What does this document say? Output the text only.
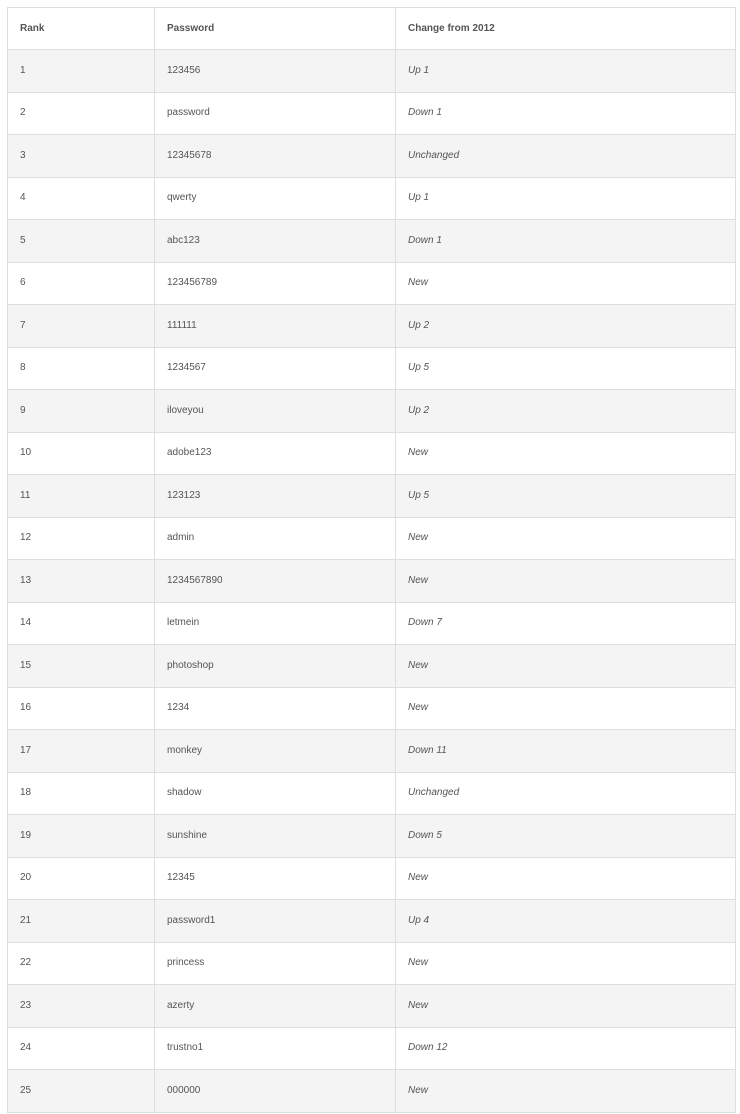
Rank	Password	Change from 2012
1	123456	Up 1
2	password	Down 1
3	12345678	Unchanged
4	qwerty	Up 1
5	abc123	Down 1
6	123456789	New
7	111111	Up 2
8	1234567	Up 5
9	iloveyou	Up 2
10	adobe123	New
11	123123	Up 5
12	admin	New
13	1234567890	New
14	letmein	Down 7
15	photoshop	New
16	1234	New
17	monkey	Down 11
18	shadow	Unchanged
19	sunshine	Down 5
20	12345	New
21	password1	Up 4
22	princess	New
23	azerty	New
24	trustno1	Down 12
25	000000	New
